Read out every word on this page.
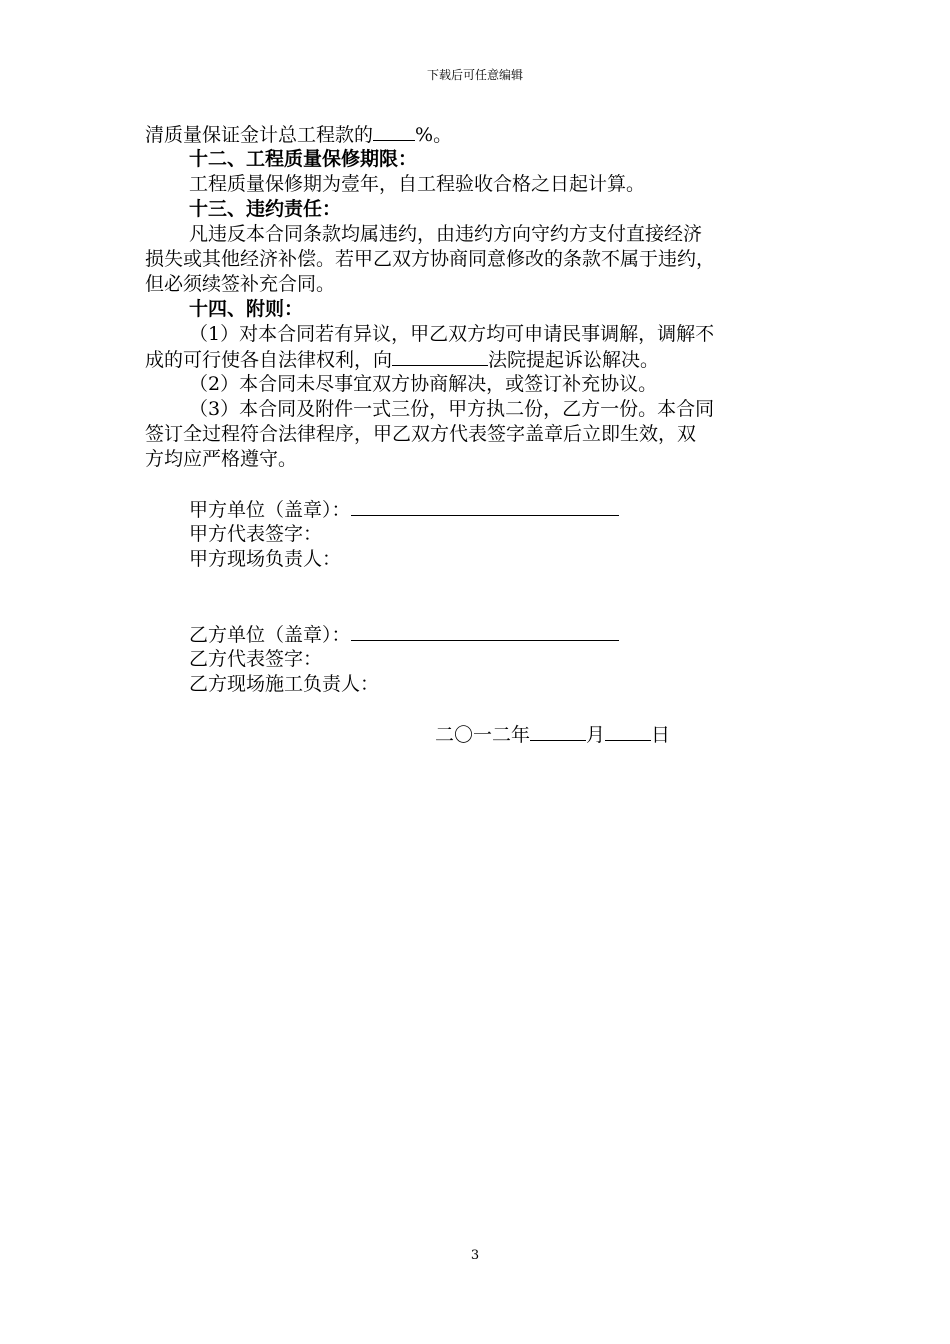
下载后可任意编辑
清质量保证金计总工程款的 %。
十二、工程质量保修期限：
工程质量保修期为壹年，自工程验收合格之日起计算。
十三、违约责任：
凡违反本合同条款均属违约，由违约方向守约方支付直接经济
损失或其他经济补偿。若甲乙双方协商同意修改的条款不属于违约，
但必须续签补充合同。
十四、附则：
（1）对本合同若有异议，甲乙双方均可申请民事调解，调解不
成的可行使各自法律权利，向	法院提起诉讼解决。
（2）本合同未尽事宜双方协商解决，或签订补充协议。
（3）本合同及附件一式三份，甲方执二份，乙方一份。本合同
签订全过程符合法律程序，甲乙双方代表签字盖章后立即生效，双
方均应严格遵守。
甲方单位（盖章）：
甲方代表签字：
甲方现场负责人：
乙方单位（盖章）：
乙方代表签字：
乙方现场施工负责人：
二〇一二年	月 日
3
